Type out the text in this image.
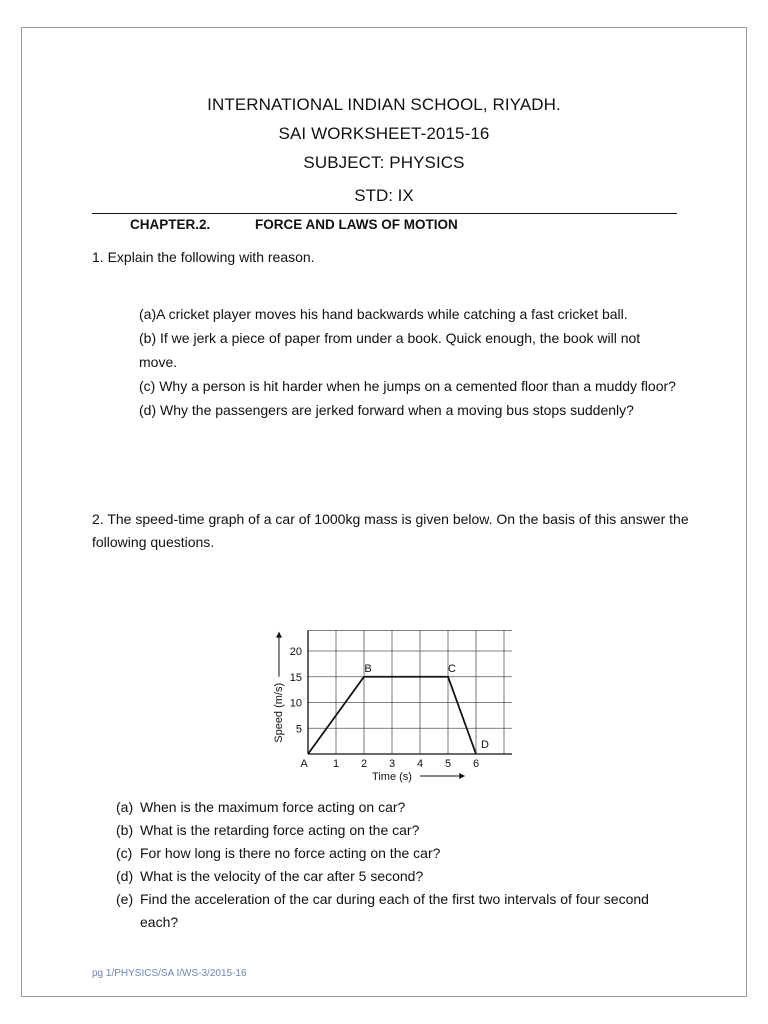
INTERNATIONAL INDIAN SCHOOL, RIYADH.
SAI WORKSHEET-2015-16
SUBJECT: PHYSICS
STD: IX
CHAPTER.2.	FORCE AND LAWS OF MOTION
1. Explain the following with reason.

(a)A cricket player moves his hand backwards while catching a fast cricket ball.

(b) If we jerk a piece of paper from under a book. Quick enough, the book will not move.

(c) Why a person is hit harder when he jumps on a cemented floor than a muddy floor?

(d) Why the passengers are jerked forward when a moving bus stops suddenly?

2. The speed-time graph of a car of 1000kg mass is given below. On the basis of this answer the following questions.
5
10
15
20
1 2 3 4 5 6
A
B	C
D
Time (s)
Speed (m/s)
(a) When is the maximum force acting on car?
(b) What is the retarding force acting on the car?
(c) For how long is there no force acting on the car?
(d) What is the velocity of the car after 5 second?
(e) Find the acceleration of the car during each of the first two intervals of four second each?
pg 1/PHYSICS/SA I/WS-3/2015-16
